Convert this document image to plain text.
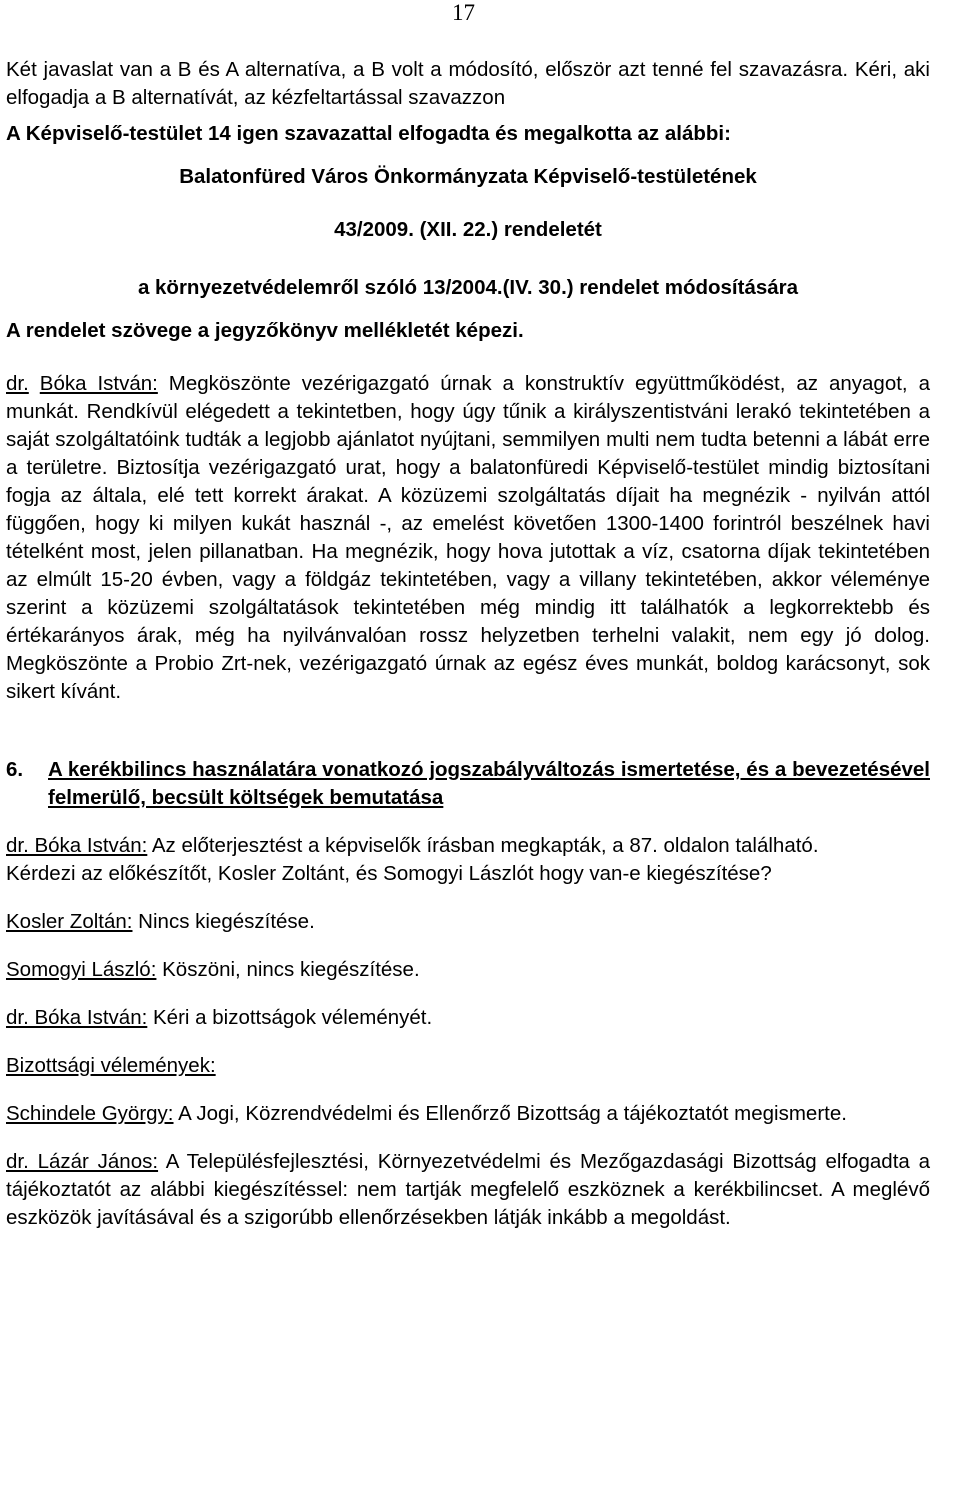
17

Két javaslat van a B és A alternatíva, a B volt a módosító, először azt tenné fel szavazásra. Kéri, aki elfogadja a B alternatívát, az kézfeltartással szavazzon

A Képviselő-testület 14 igen szavazattal elfogadta és megalkotta az alábbi:

Balatonfüred Város Önkormányzata Képviselő-testületének

43/2009. (XII. 22.) rendeletét

a környezetvédelemről szóló 13/2004.(IV. 30.) rendelet módosítására

A rendelet szövege a jegyzőkönyv mellékletét képezi.

dr. Bóka István: Megköszönte vezérigazgató úrnak a konstruktív együttműködést, az anyagot, a munkát. Rendkívül elégedett a tekintetben, hogy úgy tűnik a királyszentistváni lerakó tekintetében a saját szolgáltatóink tudták a legjobb ajánlatot nyújtani, semmilyen multi nem tudta betenni a lábát erre a területre. Biztosítja vezérigazgató urat, hogy a balatonfüredi Képviselő-testület mindig biztosítani fogja az általa, elé tett korrekt árakat. A közüzemi szolgáltatás díjait ha megnézik - nyilván attól függően, hogy ki milyen kukát használ -, az emelést követően 1300-1400 forintról beszélnek havi tételként most, jelen pillanatban. Ha megnézik, hogy hova jutottak a víz, csatorna díjak tekintetében az elmúlt 15-20 évben, vagy a földgáz tekintetében, vagy a villany tekintetében, akkor véleménye szerint a közüzemi szolgáltatások tekintetében még mindig itt találhatók a legkorrektebb és értékarányos árak, még ha nyilvánvalóan rossz helyzetben terhelni valakit, nem egy jó dolog. Megköszönte a Probio Zrt-nek, vezérigazgató úrnak az egész éves munkát, boldog karácsonyt, sok sikert kívánt.

6.	A kerékbilincs használatára vonatkozó jogszabályváltozás ismertetése, és a bevezetésével felmerülő, becsült költségek bemutatása

dr. Bóka István: Az előterjesztést a képviselők írásban megkapták, a 87. oldalon található.

Kérdezi az előkészítőt, Kosler Zoltánt, és Somogyi Lászlót hogy van-e kiegészítése?

Kosler Zoltán: Nincs kiegészítése.

Somogyi László: Köszöni, nincs kiegészítése.

dr. Bóka István: Kéri a bizottságok véleményét.

Bizottsági vélemények:

Schindele György: A Jogi, Közrendvédelmi és Ellenőrző Bizottság a tájékoztatót megismerte.

dr. Lázár János: A Településfejlesztési, Környezetvédelmi és Mezőgazdasági Bizottság elfogadta a tájékoztatót az alábbi kiegészítéssel: nem tartják megfelelő eszköznek a kerékbilincset. A meglévő eszközök javításával és a szigorúbb ellenőrzésekben látják inkább a megoldást.
